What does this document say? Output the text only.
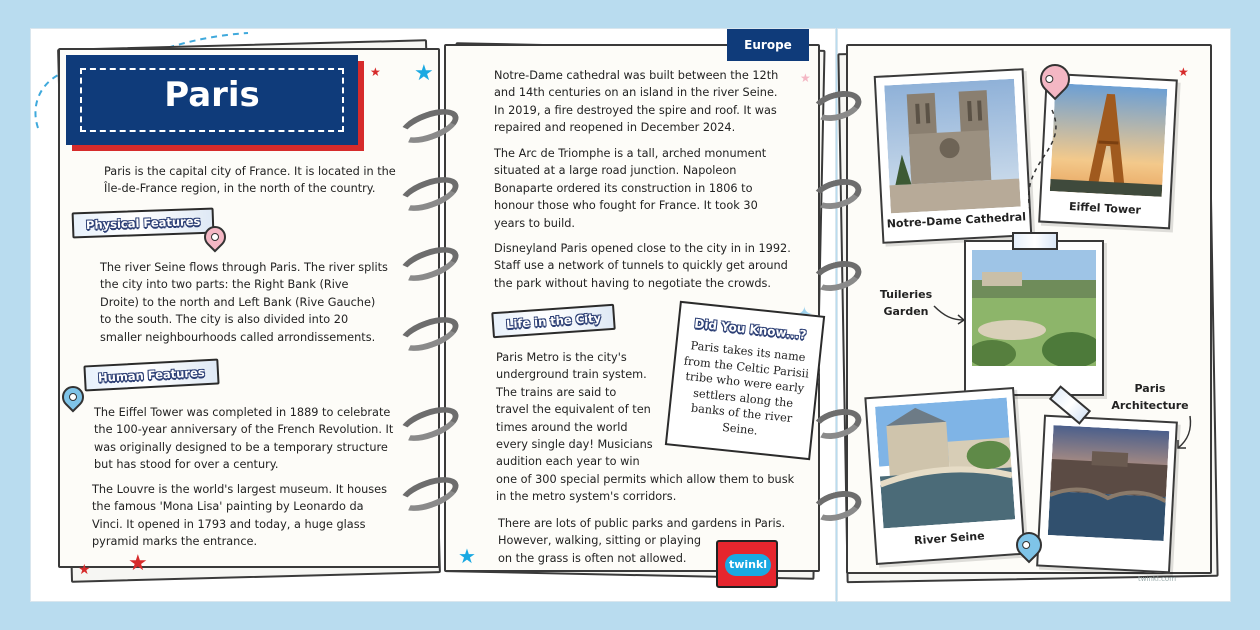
Paris
★ ★
★ ★	★
★	★
Paris is the capital city of France. It is located in the Île-de-France region, in the north of the country.
Physical Features
The river Seine flows through Paris. The river splits the city into two parts: the Right Bank (Rive Droite) to the north and Left Bank (Rive Gauche) to the south. The city is also divided into 20 smaller neighbourhoods called arrondissements.
Human Features
The Eiffel Tower was completed in 1889 to celebrate the 100-year anniversary of the French Revolution. It was originally designed to be a temporary structure but has stood for over a century.
The Louvre is the world's largest museum. It houses the famous 'Mona Lisa' painting by Leonardo da Vinci. It opened in 1793 and today, a huge glass pyramid marks the entrance.
Europe
Notre-Dame cathedral was built between the 12th and 14th centuries on an island in the river Seine. In 2019, a fire destroyed the spire and roof. It was repaired and reopened in December 2024.
The Arc de Triomphe is a tall, arched monument situated at a large road junction. Napoleon Bonaparte ordered its construction in 1806 to honour those who fought for France. It took 30 years to build.
Disneyland Paris opened close to the city in in 1992. Staff use a network of tunnels to quickly get around the park without having to negotiate the crowds.
Life in the City
Paris Metro is the city's
underground train system.
The trains are said to
travel the equivalent of ten
times around the world
every single day! Musicians
audition each year to win
one of 300 special permits which allow them to busk
in the metro system's corridors.
There are lots of public parks and gardens in Paris.
However, walking, sitting or playing
on the grass is often not allowed.
Did You Know...?
Paris takes its name from the Celtic Parisii tribe who were early settlers along the banks of the river Seine.
twinkl
Notre-Dame Cathedral
Eiffel Tower
Tuileries Garden
River Seine
Paris Architecture
twinkl.com
